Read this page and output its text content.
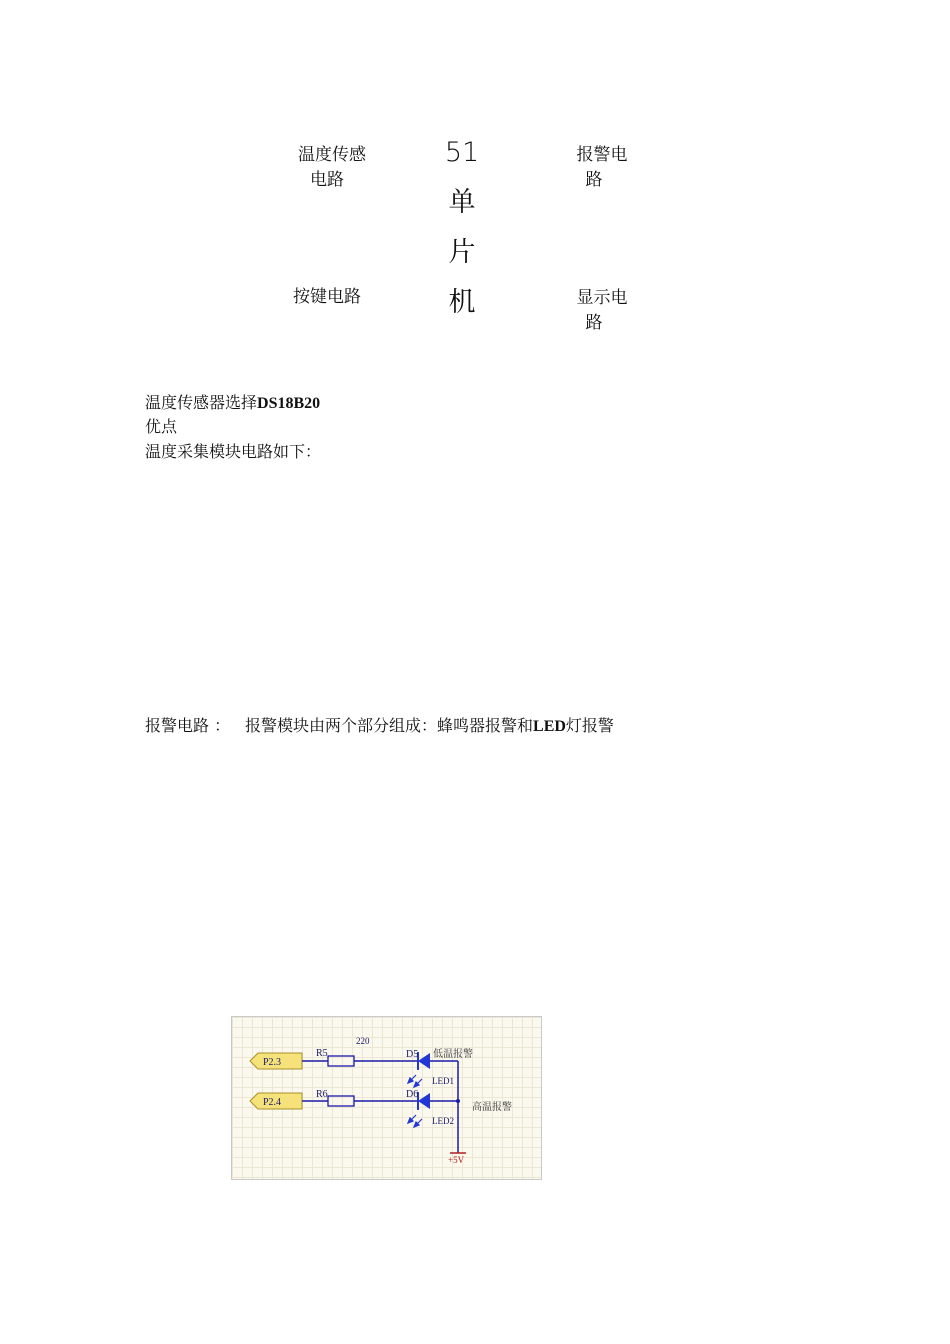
温度传感
电路
51
单
片
机
报警电
路
按键电路	显示电
路
温度传感器选择DS18B20
优点
温度采集模块电路如下：
报警电路 ： 报警模块由两个部分组成：蜂鸣器报警和LED灯报警
P2.3
P2.4
R5
220
D5 低温报警
LED1
R6	D6
高温报警
LED2
+5V
